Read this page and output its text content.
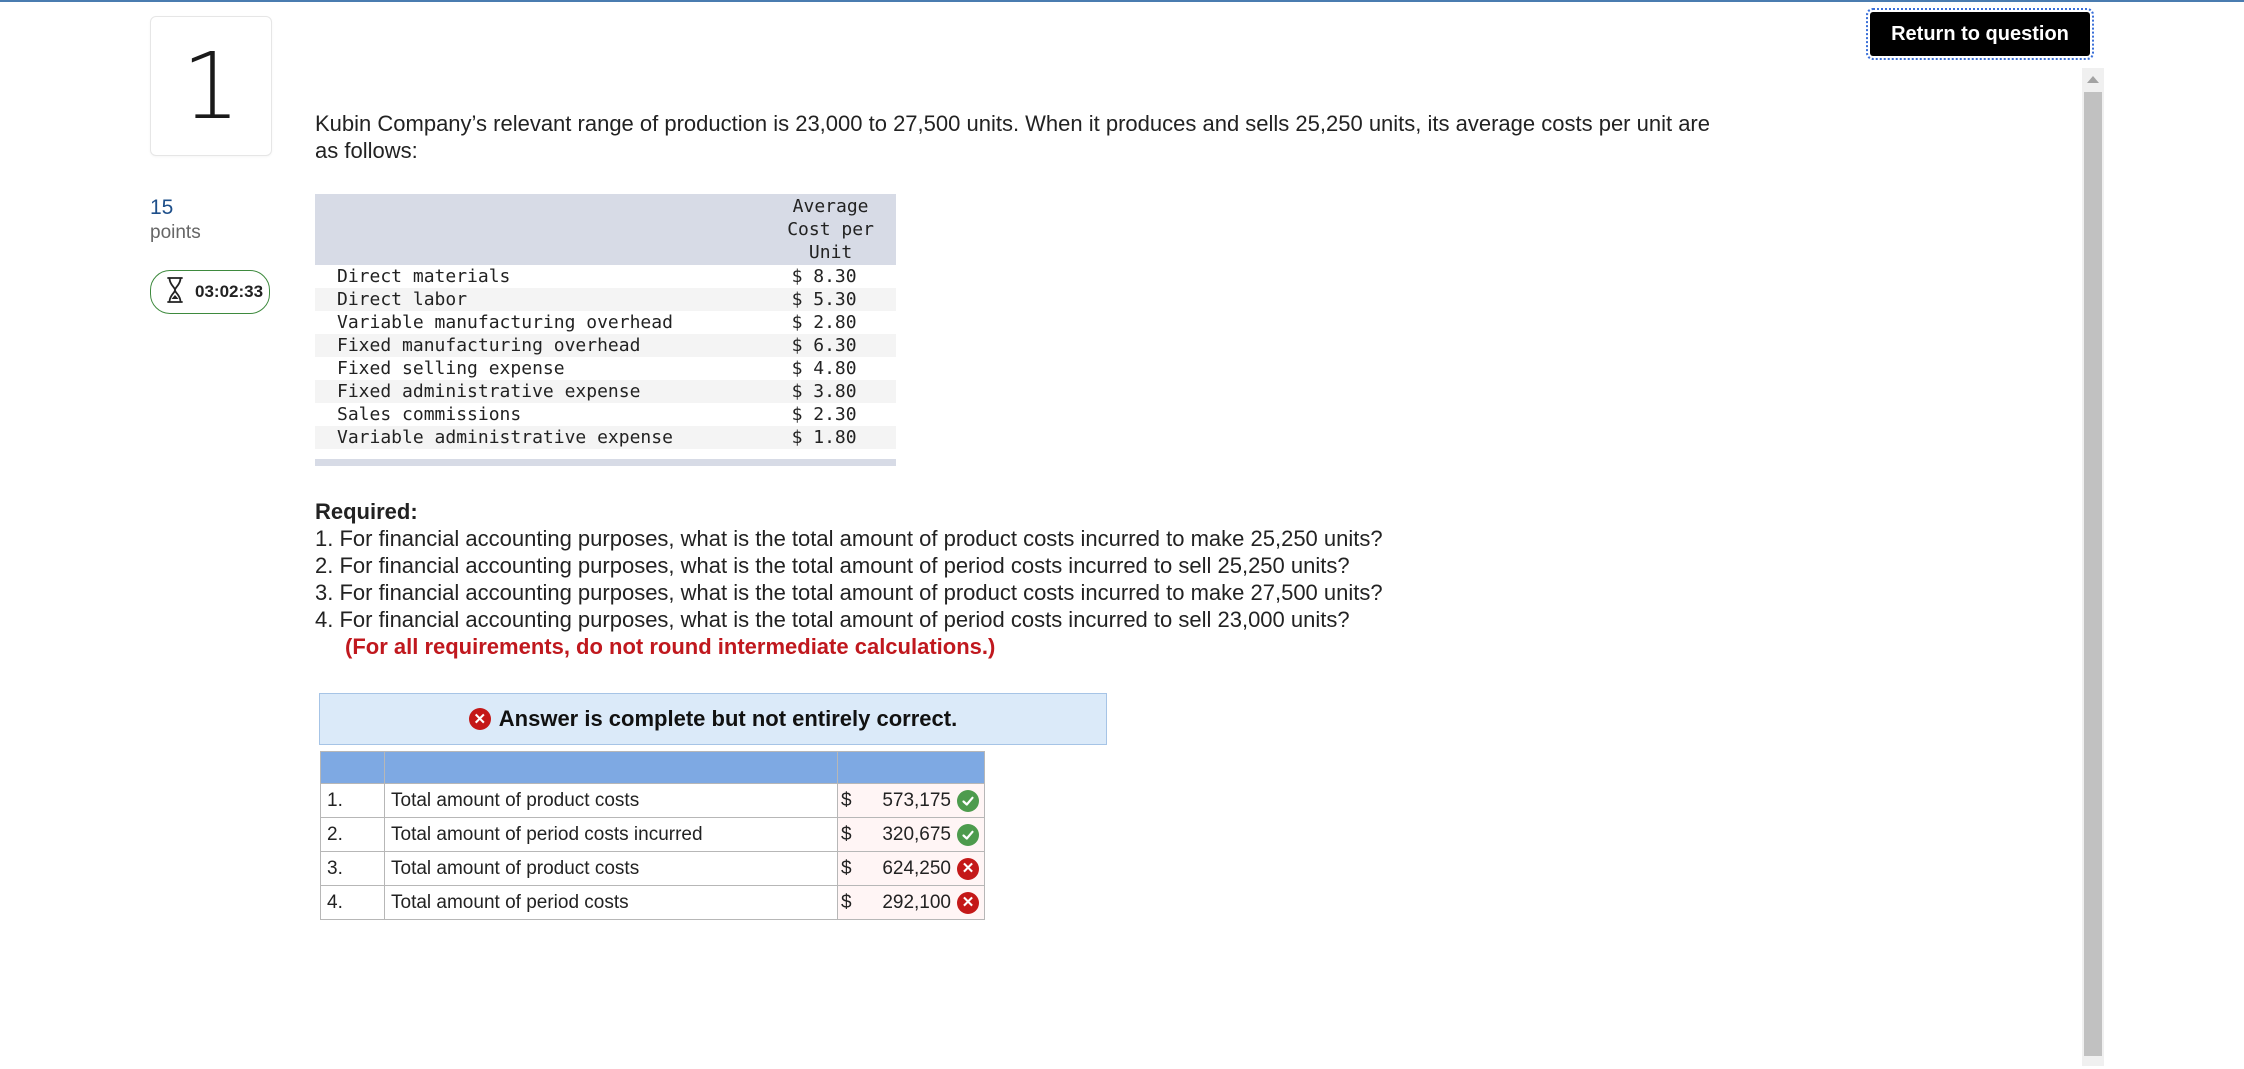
1
15
points
03:02:33
Return to question
Kubin Company’s relevant range of production is 23,000 to 27,500 units. When it produces and sells 25,250 units, its average costs per unit are as follows:

	Average
Cost per
Unit

Direct materials	$ 8.30
Direct labor	$ 5.30
Variable manufacturing overhead	$ 2.80
Fixed manufacturing overhead	$ 6.30
Fixed selling expense	$ 4.80
Fixed administrative expense	$ 3.80
Sales commissions	$ 2.30
Variable administrative expense	$ 1.80

Required:
1. For financial accounting purposes, what is the total amount of product costs incurred to make 25,250 units?
2. For financial accounting purposes, what is the total amount of period costs incurred to sell 25,250 units?
3. For financial accounting purposes, what is the total amount of product costs incurred to make 27,500 units?
4. For financial accounting purposes, what is the total amount of period costs incurred to sell 23,000 units?
(For all requirements, do not round intermediate calculations.)
✕ Answer is complete but not entirely correct.

1.	Total amount of product costs	$ 573,175

2.	Total amount of period costs incurred	$ 320,675

3.	Total amount of product costs	$ 624,250 ✕

4.	Total amount of period costs	$ 292,100 ✕
